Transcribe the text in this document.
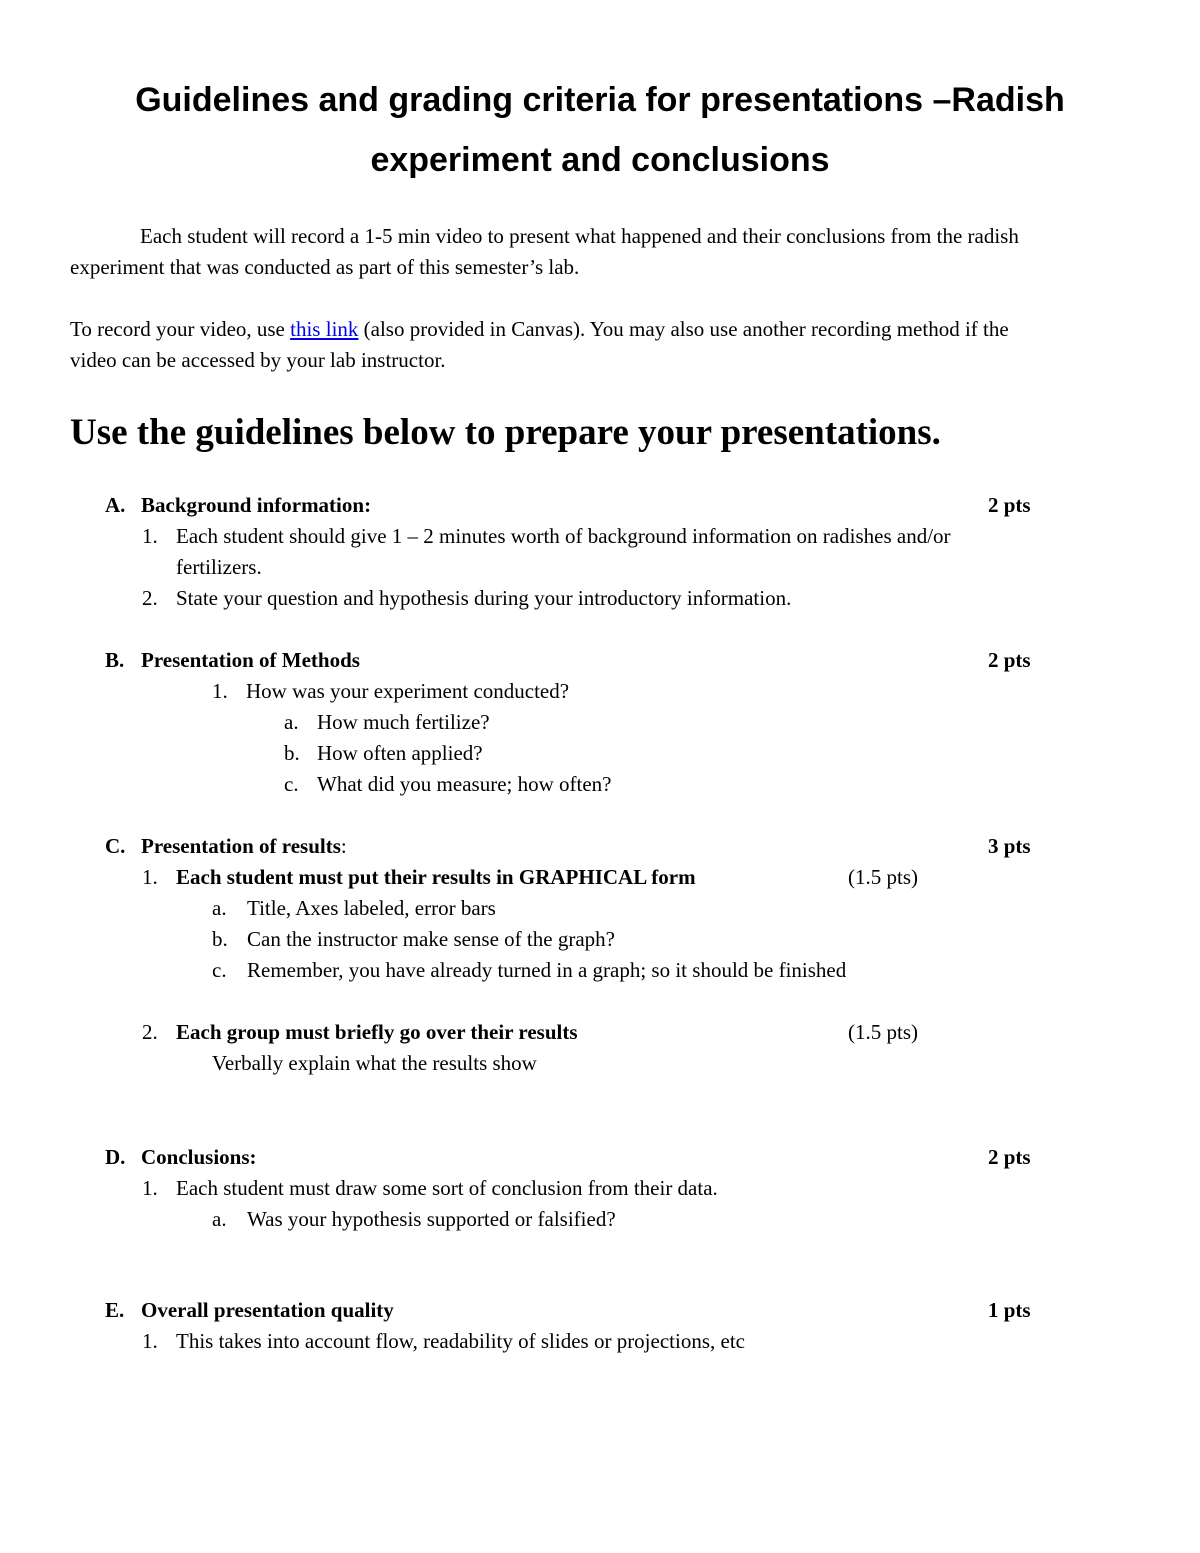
Guidelines and grading criteria for presentations –Radish
experiment and conclusions

Each student will record a 1-5 min video to present what happened and their conclusions from the radish
experiment that was conducted as part of this semester’s lab.

To record your video, use this link (also provided in Canvas). You may also use another recording method if the
video can be accessed by your lab instructor.

Use the guidelines below to prepare your presentations.
A. Background information:	2 pts
1. Each student should give 1 – 2 minutes worth of background information on radishes and/or
fertilizers.
2. State your question and hypothesis during your introductory information.
B. Presentation of Methods	2 pts
1. How was your experiment conducted?
a. How much fertilize?
b. How often applied?
c. What did you measure; how often?
C. Presentation of results:	3 pts
1. Each student must put their results in GRAPHICAL form	(1.5 pts)
a. Title, Axes labeled, error bars
b. Can the instructor make sense of the graph?
c. Remember, you have already turned in a graph; so it should be finished
2. Each group must briefly go over their results	(1.5 pts)
Verbally explain what the results show
D. Conclusions:	2 pts
1. Each student must draw some sort of conclusion from their data.
a. Was your hypothesis supported or falsified?
E. Overall presentation quality	1 pts
1. This takes into account flow, readability of slides or projections, etc
